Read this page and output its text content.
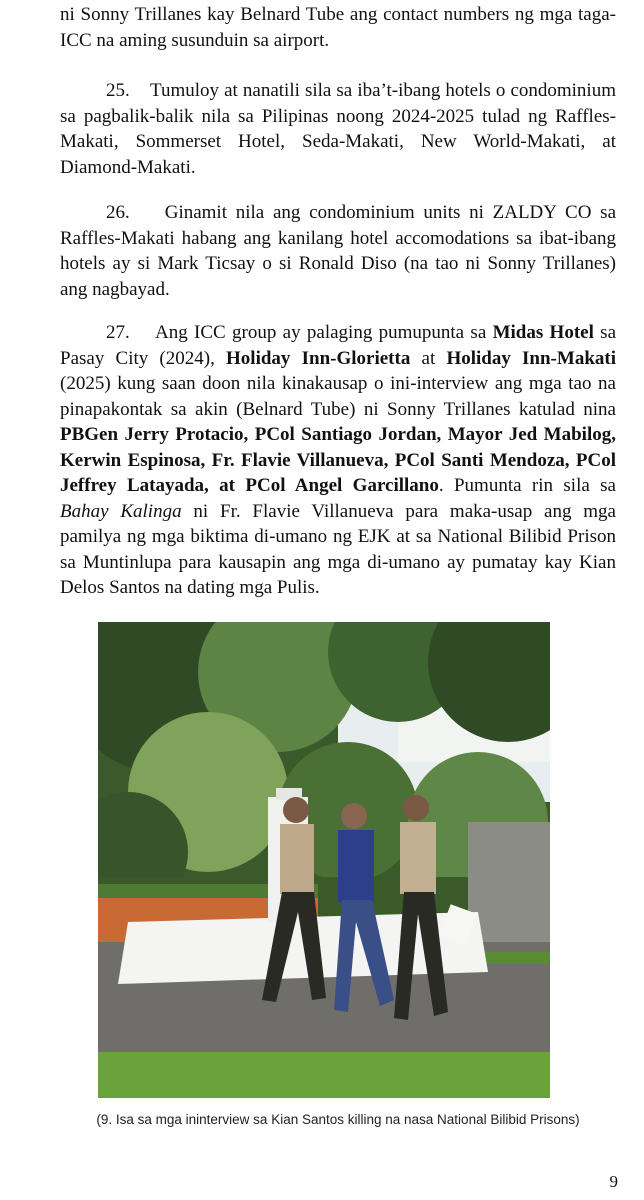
ni Sonny Trillanes kay Belnard Tube ang contact numbers ng mga taga-ICC na aming susunduin sa airport.

25. Tumuloy at nanatili sila sa iba’t-ibang hotels o condominium sa pagbalik-balik nila sa Pilipinas noong 2024-2025 tulad ng Raffles-Makati, Sommerset Hotel, Seda-Makati, New World-Makati, at Diamond-Makati.

26. Ginamit nila ang condominium units ni ZALDY CO sa Raffles-Makati habang ang kanilang hotel accomodations sa ibat-ibang hotels ay si Mark Ticsay o si Ronald Diso (na tao ni Sonny Trillanes) ang nagbayad.

27. Ang ICC group ay palaging pumupunta sa Midas Hotel sa Pasay City (2024), Holiday Inn-Glorietta at Holiday Inn-Makati (2025) kung saan doon nila kinakausap o ini-interview ang mga tao na pinapakontak sa akin (Belnard Tube) ni Sonny Trillanes katulad nina PBGen Jerry Protacio, PCol Santiago Jordan, Mayor Jed Mabilog, Kerwin Espinosa, Fr. Flavie Villanueva, PCol Santi Mendoza, PCol Jeffrey Latayada, at PCol Angel Garcillano. Pumunta rin sila sa Bahay Kalinga ni Fr. Flavie Villanueva para maka-usap ang mga pamilya ng mga biktima di-umano ng EJK at sa National Bilibid Prison sa Muntinlupa para kausapin ang mga di-umano ay pumatay kay Kian Delos Santos na dating mga Pulis.

(9. Isa sa mga ininterview sa Kian Santos killing na nasa National Bilibid Prisons)
9
